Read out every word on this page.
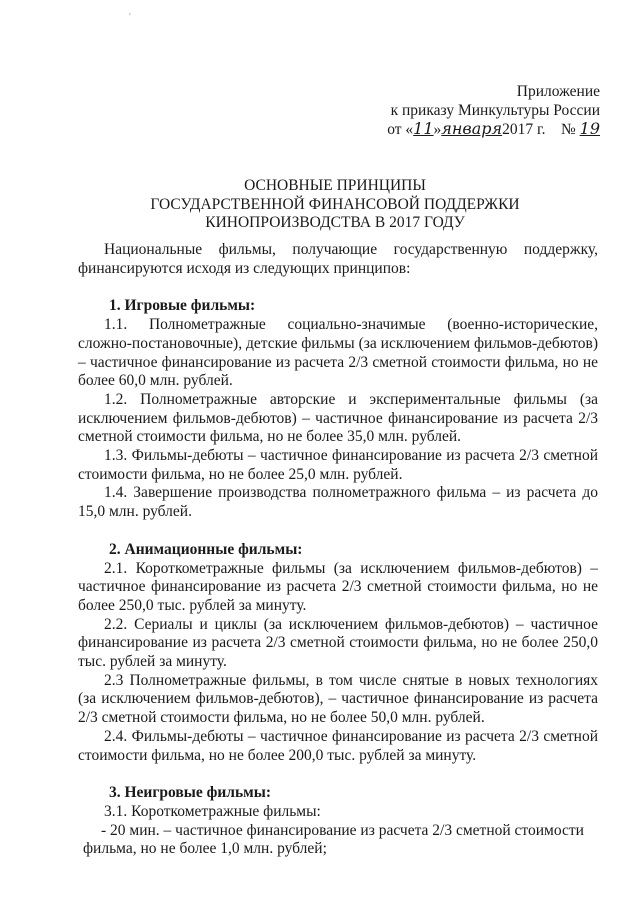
'
Приложение
к приказу Минкультуры России
от «11»января2017 г. № 19
ОСНОВНЫЕ ПРИНЦИПЫ
ГОСУДАРСТВЕННОЙ ФИНАНСОВОЙ ПОДДЕРЖКИ
КИНОПРОИЗВОДСТВА В 2017 ГОДУ

Национальные фильмы, получающие государственную поддержку, финансируются исходя из следующих принципов:

1. Игровые фильмы:

1.1. Полнометражные социально-значимые (военно-исторические, сложно-постановочные), детские фильмы (за исключением фильмов-дебютов) – частичное финансирование из расчета 2/3 сметной стоимости фильма, но не более 60,0 млн. рублей.

1.2. Полнометражные авторские и экспериментальные фильмы (за исключением фильмов-дебютов) – частичное финансирование из расчета 2/3 сметной стоимости фильма, но не более 35,0 млн. рублей.

1.3. Фильмы-дебюты – частичное финансирование из расчета 2/3 сметной стоимости фильма, но не более 25,0 млн. рублей.

1.4. Завершение производства полнометражного фильма – из расчета до 15,0 млн. рублей.

2. Анимационные фильмы:

2.1. Короткометражные фильмы (за исключением фильмов-дебютов) – частичное финансирование из расчета 2/3 сметной стоимости фильма, но не более 250,0 тыс. рублей за минуту.

2.2. Сериалы и циклы (за исключением фильмов-дебютов) – частичное финансирование из расчета 2/3 сметной стоимости фильма, но не более 250,0 тыс. рублей за минуту.

2.3 Полнометражные фильмы, в том числе снятые в новых технологиях (за исключением фильмов-дебютов), – частичное финансирование из расчета 2/3 сметной стоимости фильма, но не более 50,0 млн. рублей.

2.4. Фильмы-дебюты – частичное финансирование из расчета 2/3 сметной стоимости фильма, но не более 200,0 тыс. рублей за минуту.

3. Неигровые фильмы:

3.1. Короткометражные фильмы:

- 20 мин. – частичное финансирование из расчета 2/3 сметной стоимости
фильма, но не более 1,0 млн. рублей;
